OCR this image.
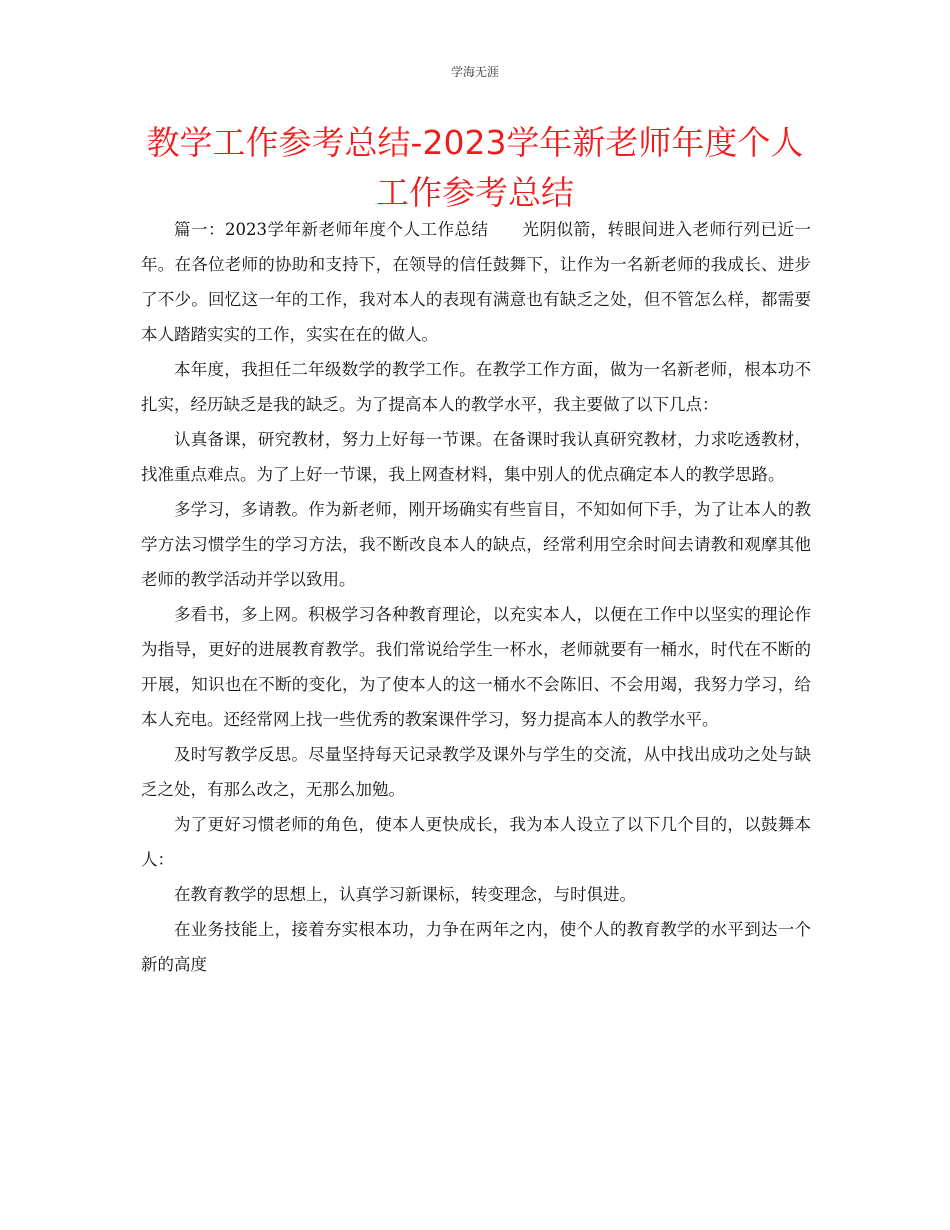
学海无涯
教学工作参考总结-2023学年新老师年度个人工作参考总结

篇一：2023学年新老师年度个人工作总结　　光阴似箭，转眼间进入老师行列已近一年。在各位老师的协助和支持下，在领导的信任鼓舞下，让作为一名新老师的我成长、进步了不少。回忆这一年的工作，我对本人的表现有满意也有缺乏之处，但不管怎么样，都需要本人踏踏实实的工作，实实在在的做人。

本年度，我担任二年级数学的教学工作。在教学工作方面，做为一名新老师，根本功不扎实，经历缺乏是我的缺乏。为了提高本人的教学水平，我主要做了以下几点：

认真备课，研究教材，努力上好每一节课。在备课时我认真研究教材，力求吃透教材，找准重点难点。为了上好一节课，我上网查材料，集中别人的优点确定本人的教学思路。

多学习，多请教。作为新老师，刚开场确实有些盲目，不知如何下手，为了让本人的教学方法习惯学生的学习方法，我不断改良本人的缺点，经常利用空余时间去请教和观摩其他老师的教学活动并学以致用。

多看书，多上网。积极学习各种教育理论，以充实本人，以便在工作中以坚实的理论作为指导，更好的进展教育教学。我们常说给学生一杯水，老师就要有一桶水，时代在不断的开展，知识也在不断的变化，为了使本人的这一桶水不会陈旧、不会用竭，我努力学习，给本人充电。还经常网上找一些优秀的教案课件学习，努力提高本人的教学水平。

及时写教学反思。尽量坚持每天记录教学及课外与学生的交流，从中找出成功之处与缺乏之处，有那么改之，无那么加勉。

为了更好习惯老师的角色，使本人更快成长，我为本人设立了以下几个目的，以鼓舞本人：

在教育教学的思想上，认真学习新课标，转变理念，与时俱进。

在业务技能上，接着夯实根本功，力争在两年之内，使个人的教育教学的水平到达一个新的高度
